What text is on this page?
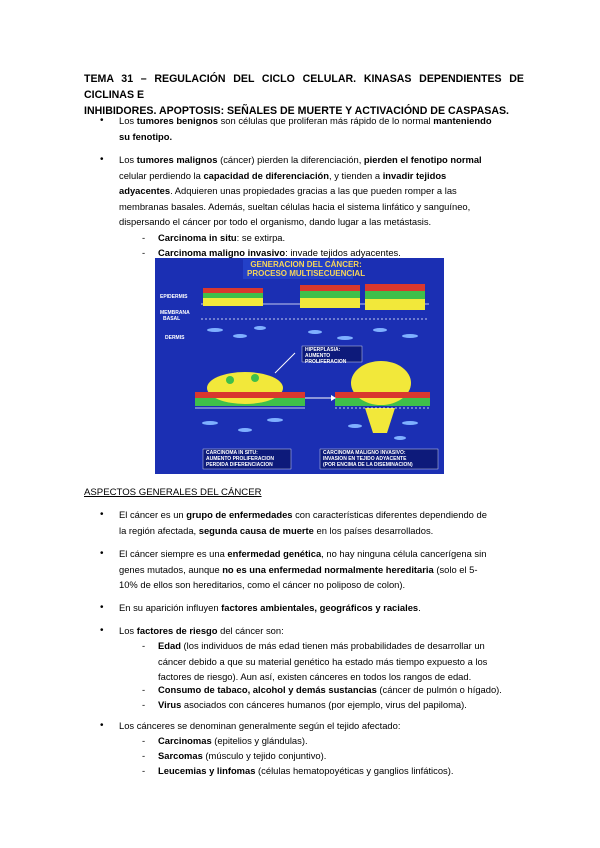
TEMA 31 – REGULACIÓN DEL CICLO CELULAR. KINASAS DEPENDIENTES DE CICLINAS E
INHIBIDORES. APOPTOSIS: SEÑALES DE MUERTE Y ACTIVACIÓND DE CASPASAS.
• Los tumores benignos son células que proliferan más rápido de lo normal manteniendo
su fenotipo.
• Los tumores malignos (cáncer) pierden la diferenciación, pierden el fenotipo normal
celular perdiendo la capacidad de diferenciación, y tienden a invadir tejidos
adyacentes. Adquieren unas propiedades gracias a las que pueden romper a las
membranas basales. Además, sueltan células hacia el sistema linfático y sanguíneo,
dispersando el cáncer por todo el organismo, dando lugar a las metástasis.
- Carcinoma in situ: se extirpa.
- Carcinoma maligno invasivo: invade tejidos adyacentes.
GENERACION DEL CÁNCER:
PROCESO MULTISECUENCIAL
EPIDERMIS
MEMBRANA
BASAL
DERMIS
HIPERPLASIA:
AUMENTO
PROLIFERACION
CARCINOMA IN SITU:
AUMENTO PROLIFERACION
PERDIDA DIFERENCIACION
CARCINOMA MALIGNO INVASIVO:
INVASION EN TEJIDO ADYACENTE
(POR ENCIMA DE LA DISEMINACION)
ASPECTOS GENERALES DEL CÁNCER
• El cáncer es un grupo de enfermedades con características diferentes dependiendo de
la región afectada, segunda causa de muerte en los países desarrollados.
• El cáncer siempre es una enfermedad genética, no hay ninguna célula cancerígena sin
genes mutados, aunque no es una enfermedad normalmente hereditaria (solo el 5-
10% de ellos son hereditarios, como el cáncer no poliposo de colon).
• En su aparición influyen factores ambientales, geográficos y raciales.
• Los factores de riesgo del cáncer son:
- Edad (los individuos de más edad tienen más probabilidades de desarrollar un
cáncer debido a que su material genético ha estado más tiempo expuesto a los
factores de riesgo). Aun así, existen cánceres en todos los rangos de edad.
- Consumo de tabaco, alcohol y demás sustancias (cáncer de pulmón o hígado).
- Virus asociados con cánceres humanos (por ejemplo, virus del papiloma).
• Los cánceres se denominan generalmente según el tejido afectado:
- Carcinomas (epitelios y glándulas).
- Sarcomas (músculo y tejido conjuntivo).
- Leucemias y linfomas (células hematopoyéticas y ganglios linfáticos).
